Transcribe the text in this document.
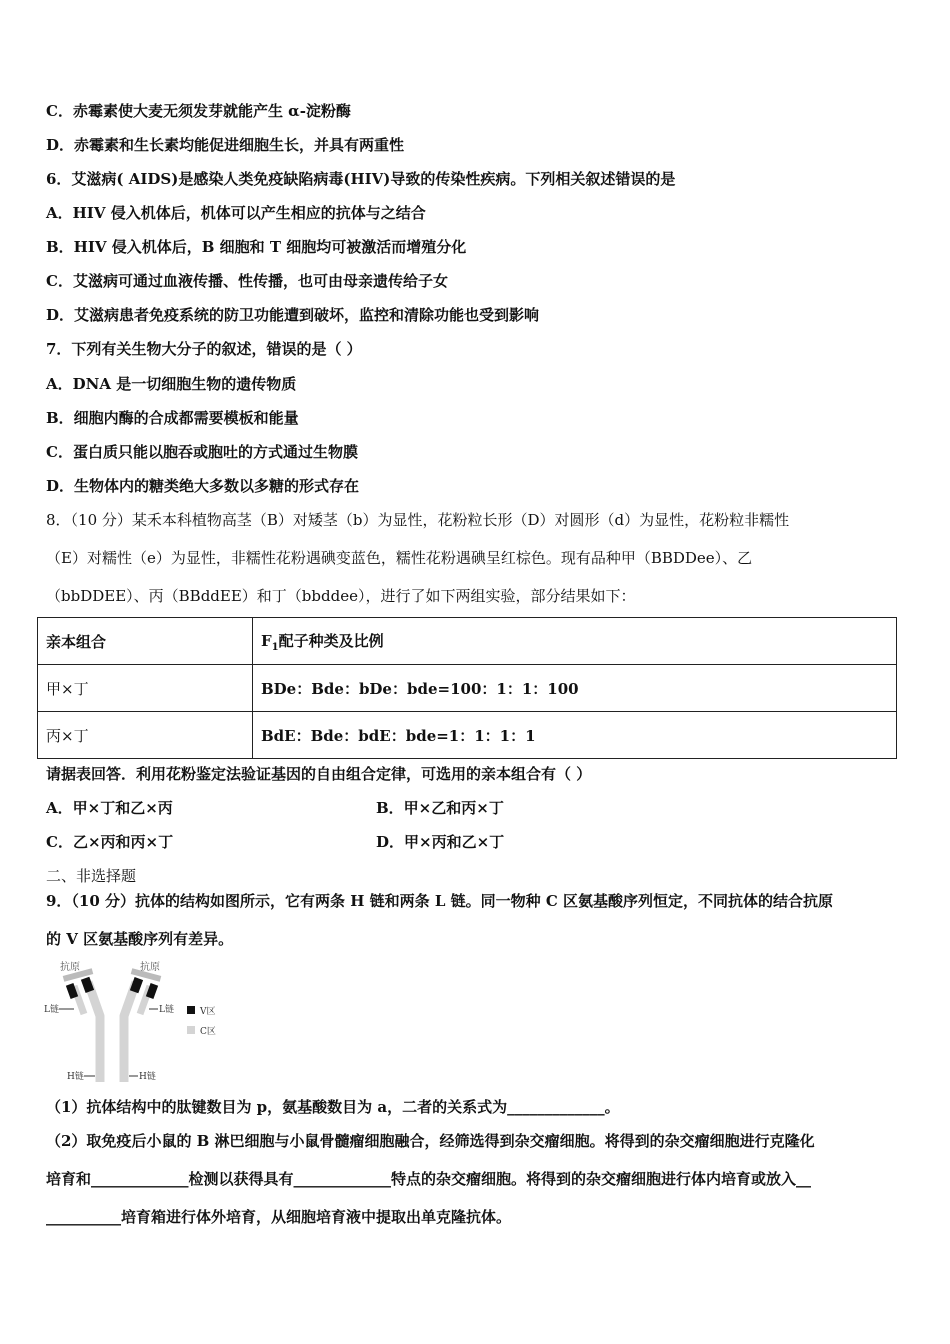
C．赤霉素使大麦无须发芽就能产生 α-淀粉酶
D．赤霉素和生长素均能促进细胞生长，并具有两重性
6．艾滋病( AIDS)是感染人类免疫缺陷病毒(HIV)导致的传染性疾病。下列相关叙述错误的是
A．HIV 侵入机体后，机体可以产生相应的抗体与之结合
B．HIV 侵入机体后，B 细胞和 T 细胞均可被激活而增殖分化
C．艾滋病可通过血液传播、性传播，也可由母亲遗传给子女
D．艾滋病患者免疫系统的防卫功能遭到破坏，监控和清除功能也受到影响
7．下列有关生物大分子的叙述，错误的是（ ）
A．DNA 是一切细胞生物的遗传物质
B．细胞内酶的合成都需要模板和能量
C．蛋白质只能以胞吞或胞吐的方式通过生物膜
D．生物体内的糖类绝大多数以多糖的形式存在
8．（10 分）某禾本科植物高茎（B）对矮茎（b）为显性，花粉粒长形（D）对圆形（d）为显性，花粉粒非糯性
（E）对糯性（e）为显性，非糯性花粉遇碘变蓝色，糯性花粉遇碘呈红棕色。现有品种甲（BBDDee）、乙
（bbDDEE）、丙（BBddEE）和丁（bbddee），进行了如下两组实验，部分结果如下：
亲本组合	$F_1$配子种类及比例
甲×丁	BDe：Bde：bDe：bde=100：1：1：100
丙×丁	BdE：Bde：bdE：bde=1：1：1：1
请据表回答．利用花粉鉴定法验证基因的自由组合定律，可选用的亲本组合有（ ）
A．甲×丁和乙×丙	B．甲×乙和丙×丁
C．乙×丙和丙×丁	D．甲×丙和乙×丁
二、非选择题
9．（10 分）抗体的结构如图所示，它有两条 H 链和两条 L 链。同一物种 C 区氨基酸序列恒定，不同抗体的结合抗原
的 V 区氨基酸序列有差异。
抗原	抗原
L链	L链
H链	H链
V区
C区
（1）抗体结构中的肽键数目为 p，氨基酸数目为 a，二者的关系式为_____________。
（2）取免疫后小鼠的 B 淋巴细胞与小鼠骨髓瘤细胞融合，经筛选得到杂交瘤细胞。将得到的杂交瘤细胞进行克隆化
培育和_____________检测以获得具有_____________特点的杂交瘤细胞。将得到的杂交瘤细胞进行体内培育或放入__
__________培育箱进行体外培育，从细胞培育液中提取出单克隆抗体。
